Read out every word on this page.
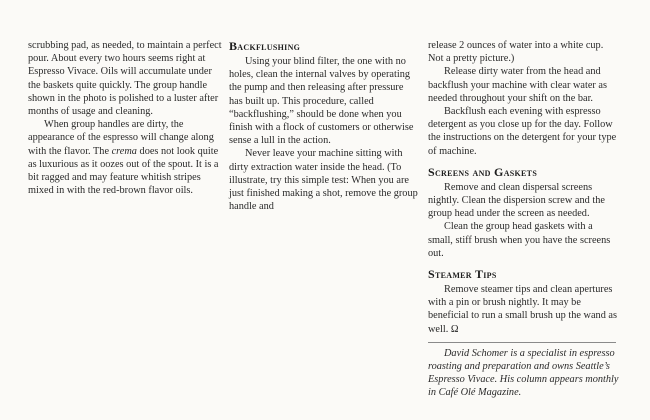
scrubbing pad, as needed, to maintain a perfect pour. About every two hours seems right at Espresso Vivace. Oils will accumulate under the baskets quite quickly. The group handle shown in the photo is polished to a luster after months of usage and cleaning.

When group handles are dirty, the appearance of the espresso will change along with the flavor. The crema does not look quite as luxurious as it oozes out of the spout. It is a bit ragged and may feature whitish stripes mixed in with the red-brown flavor oils.

Backflushing

Using your blind filter, the one with no holes, clean the internal valves by operating the pump and then releasing after pressure has built up. This procedure, called “backflushing,” should be done when you finish with a flock of customers or otherwise sense a lull in the action.

Never leave your machine sitting with dirty extraction water inside the head. (To illustrate, try this simple test: When you are just finished making a shot, remove the group handle and

release 2 ounces of water into a white cup. Not a pretty picture.)

Release dirty water from the head and backflush your machine with clear water as needed throughout your shift on the bar.

Backflush each evening with espresso detergent as you close up for the day. Follow the instructions on the detergent for your type of machine.

Screens and Gaskets

Remove and clean dispersal screens nightly. Clean the dispersion screw and the group head under the screen as needed.

Clean the group head gaskets with a small, stiff brush when you have the screens out.

Steamer Tips

Remove steamer tips and clean apertures with a pin or brush nightly. It may be beneficial to run a small brush up the wand as well. Ω

David Schomer is a specialist in espresso roasting and preparation and owns Seattle’s Espresso Vivace. His column appears monthly in Café Olé Magazine.
